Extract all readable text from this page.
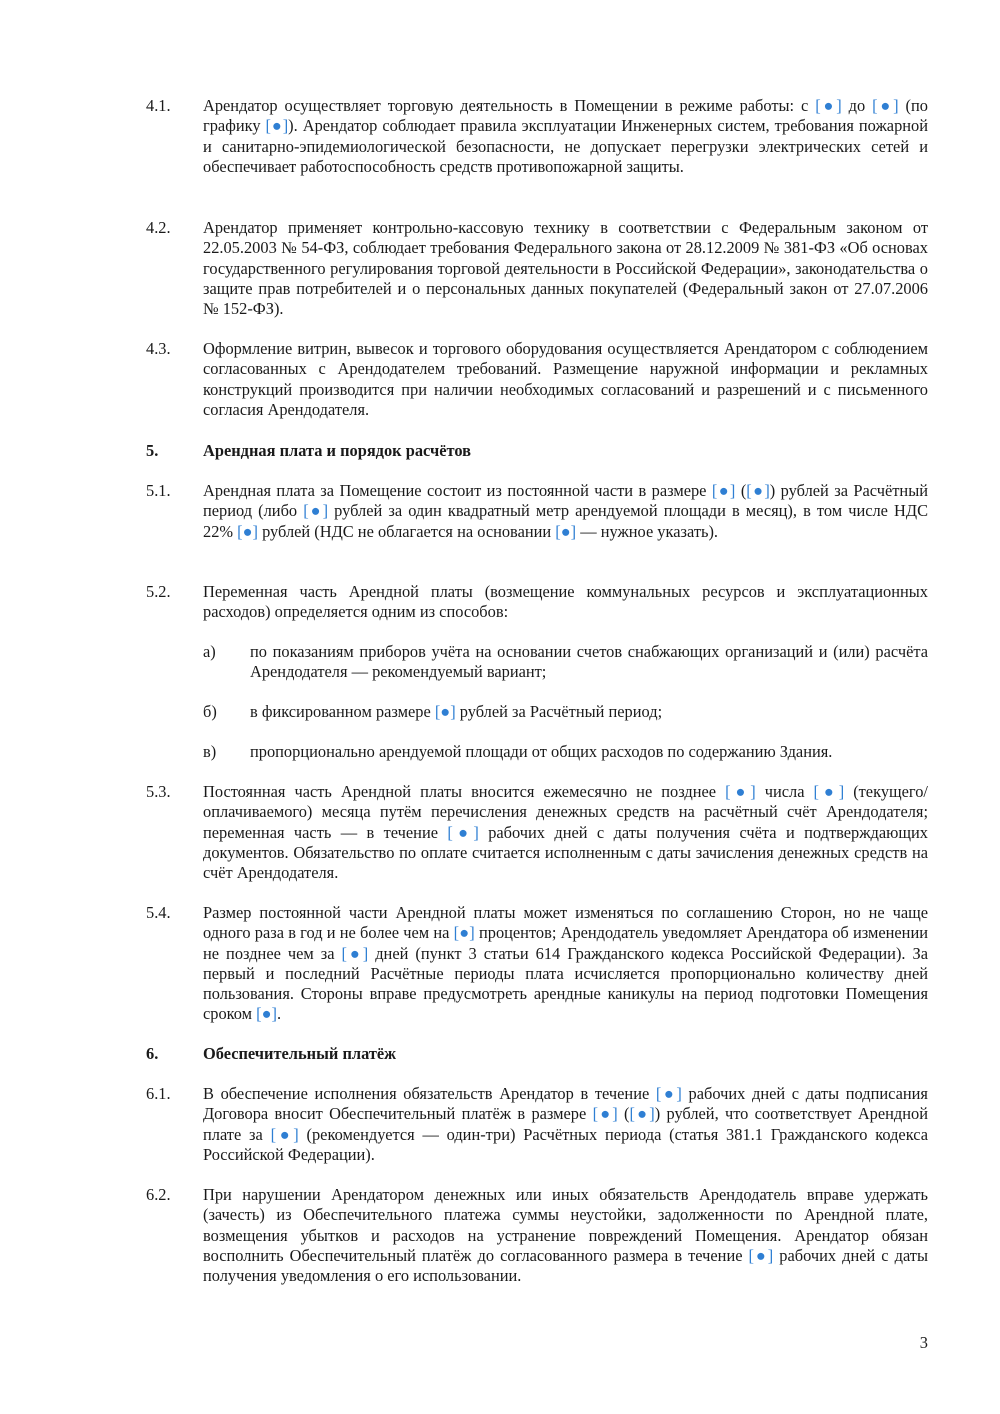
4.1. Арендатор осуществляет торговую деятельность в Помещении в режиме работы: с [●] до [●] (по графику [●]). Арендатор соблюдает правила эксплуатации Инженерных систем, требования пожарной и санитарно-эпидемиологической безопасности, не допускает перегрузки электрических сетей и обеспечивает работоспособность средств противопожарной защиты.
4.2. Арендатор применяет контрольно-кассовую технику в соответствии с Федеральным законом от 22.05.2003 № 54-ФЗ, соблюдает требования Федерального закона от 28.12.2009 № 381-ФЗ «Об основах государственного регулирования торговой деятельности в Российской Федерации», законодательства о защите прав потребителей и о персональных данных покупателей (Федеральный закон от 27.07.2006 № 152-ФЗ).
4.3. Оформление витрин, вывесок и торгового оборудования осуществляется Арендатором с соблюдением согласованных с Арендодателем требований. Размещение наружной информации и рекламных конструкций производится при наличии необходимых согласований и разрешений и с письменного согласия Арендодателя.
5.	Арендная плата и порядок расчётов
5.1. Арендная плата за Помещение состоит из постоянной части в размере [●] ([●]) рублей за Расчётный период (либо [●] рублей за один квадратный метр арендуемой площади в месяц), в том числе НДС 22% [●] рублей (НДС не облагается на основании [●] — нужное указать).
5.2. Переменная часть Арендной платы (возмещение коммунальных ресурсов и эксплуатационных расходов) определяется одним из способов:
а) по показаниям приборов учёта на основании счетов снабжающих организаций и (или) расчёта Арендодателя — рекомендуемый вариант;
б) в фиксированном размере [●] рублей за Расчётный период;
в) пропорционально арендуемой площади от общих расходов по содержанию Здания.
5.3. Постоянная часть Арендной платы вносится ежемесячно не позднее [●] числа [●] (текущего/оплачиваемого) месяца путём перечисления денежных средств на расчётный счёт Арендодателя; переменная часть — в течение [●] рабочих дней с даты получения счёта и подтверждающих документов. Обязательство по оплате считается исполненным с даты зачисления денежных средств на счёт Арендодателя.
5.4. Размер постоянной части Арендной платы может изменяться по соглашению Сторон, но не чаще одного раза в год и не более чем на [●] процентов; Арендодатель уведомляет Арендатора об изменении не позднее чем за [●] дней (пункт 3 статьи 614 Гражданского кодекса Российской Федерации). За первый и последний Расчётные периоды плата исчисляется пропорционально количеству дней пользования. Стороны вправе предусмотреть арендные каникулы на период подготовки Помещения сроком [●].
6.	Обеспечительный платёж
6.1. В обеспечение исполнения обязательств Арендатор в течение [●] рабочих дней с даты подписания Договора вносит Обеспечительный платёж в размере [●] ([●]) рублей, что соответствует Арендной плате за [●] (рекомендуется — один-три) Расчётных периода (статья 381.1 Гражданского кодекса Российской Федерации).
6.2. При нарушении Арендатором денежных или иных обязательств Арендодатель вправе удержать (зачесть) из Обеспечительного платежа суммы неустойки, задолженности по Арендной плате, возмещения убытков и расходов на устранение повреждений Помещения. Арендатор обязан восполнить Обеспечительный платёж до согласованного размера в течение [●] рабочих дней с даты получения уведомления о его использовании.
3
